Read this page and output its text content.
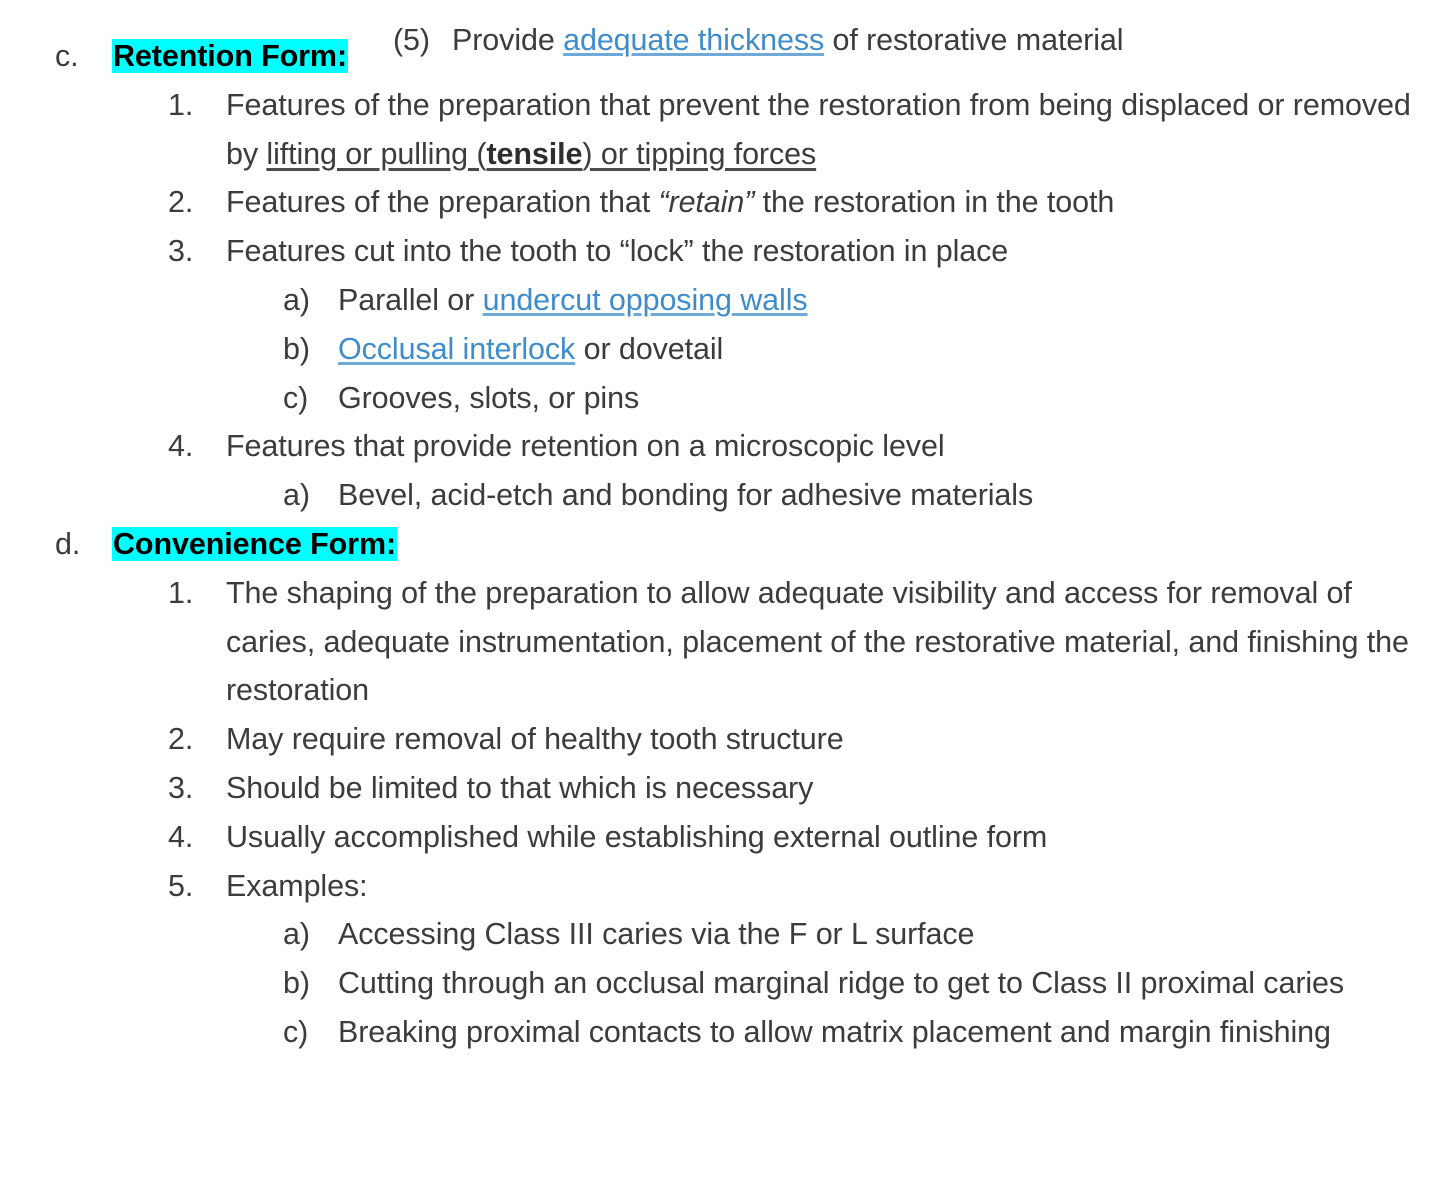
(5) Provide adequate thickness of restorative material
c. Retention Form:
1. Features of the preparation that prevent the restoration from being displaced or removed by lifting or pulling (tensile) or tipping forces
2. Features of the preparation that “retain” the restoration in the tooth
3. Features cut into the tooth to “lock” the restoration in place
a) Parallel or undercut opposing walls
b) Occlusal interlock or dovetail
c) Grooves, slots, or pins
4. Features that provide retention on a microscopic level
a) Bevel, acid-etch and bonding for adhesive materials
d. Convenience Form:
1. The shaping of the preparation to allow adequate visibility and access for removal of caries, adequate instrumentation, placement of the restorative material, and finishing the restoration
2. May require removal of healthy tooth structure
3. Should be limited to that which is necessary
4. Usually accomplished while establishing external outline form
5. Examples:
a) Accessing Class III caries via the F or L surface
b) Cutting through an occlusal marginal ridge to get to Class II proximal caries
c) Breaking proximal contacts to allow matrix placement and margin finishing
